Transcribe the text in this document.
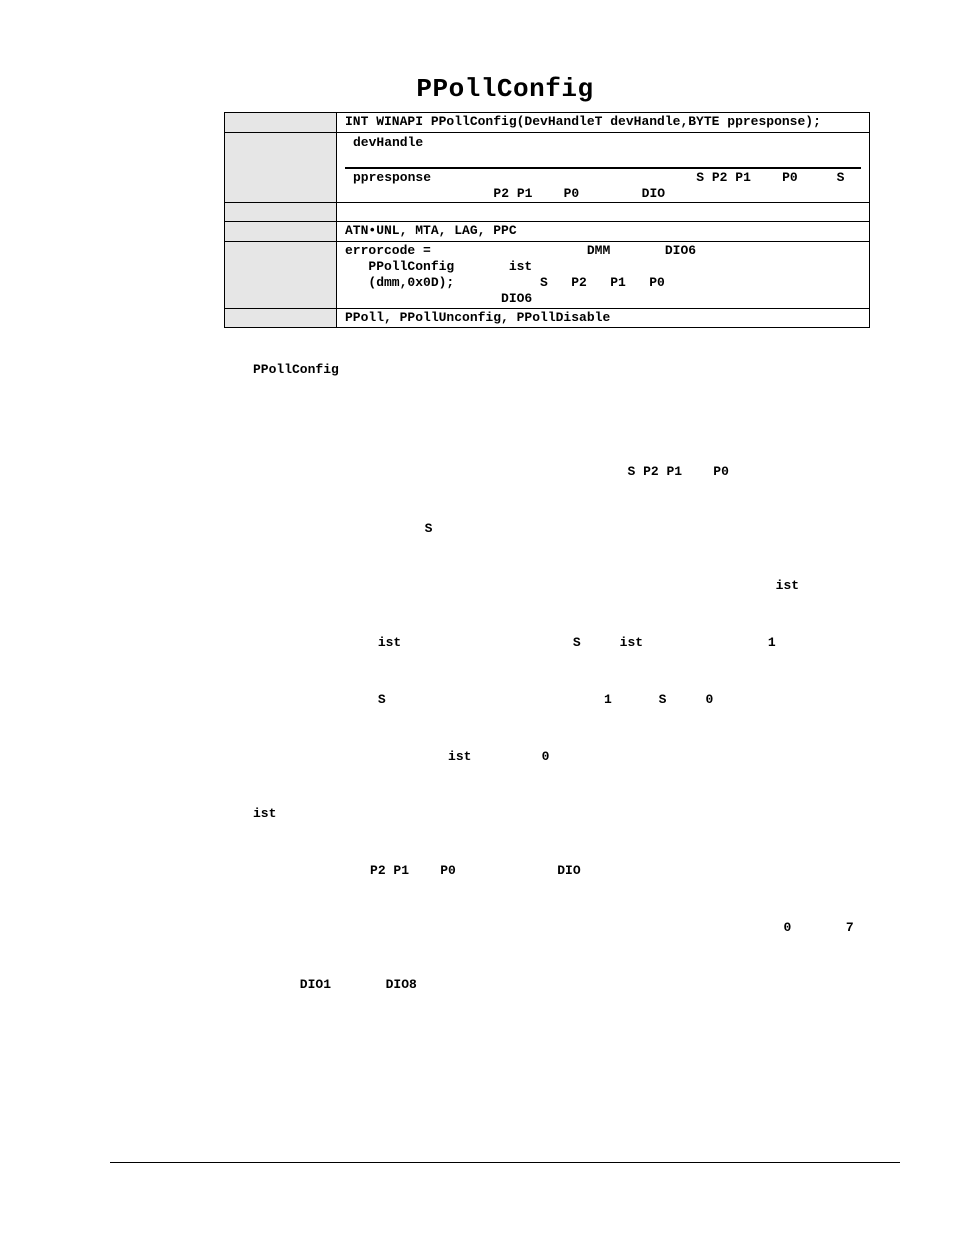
PPollConfig
	INT WINAPI PPollConfig(DevHandleT devHandle,BYTE ppresponse);

	devHandle
ppresponse                                  S P2 P1    P0     S
P2 P1    P0        DIO

	ATN•UNL, MTA, LAG, PPC

	errorcode =                    DMM       DIO6
PPollConfig       ist
(dmm,0x0D);           S   P2   P1   P0
DIO6

	PPoll, PPollUnconfig, PPollDisable
PPollConfig

S P2 P1    P0

S

ist

ist                      S     ist                1

S                            1      S     0

ist         0

ist

P2 P1    P0             DIO

0       7

DIO1       DIO8
